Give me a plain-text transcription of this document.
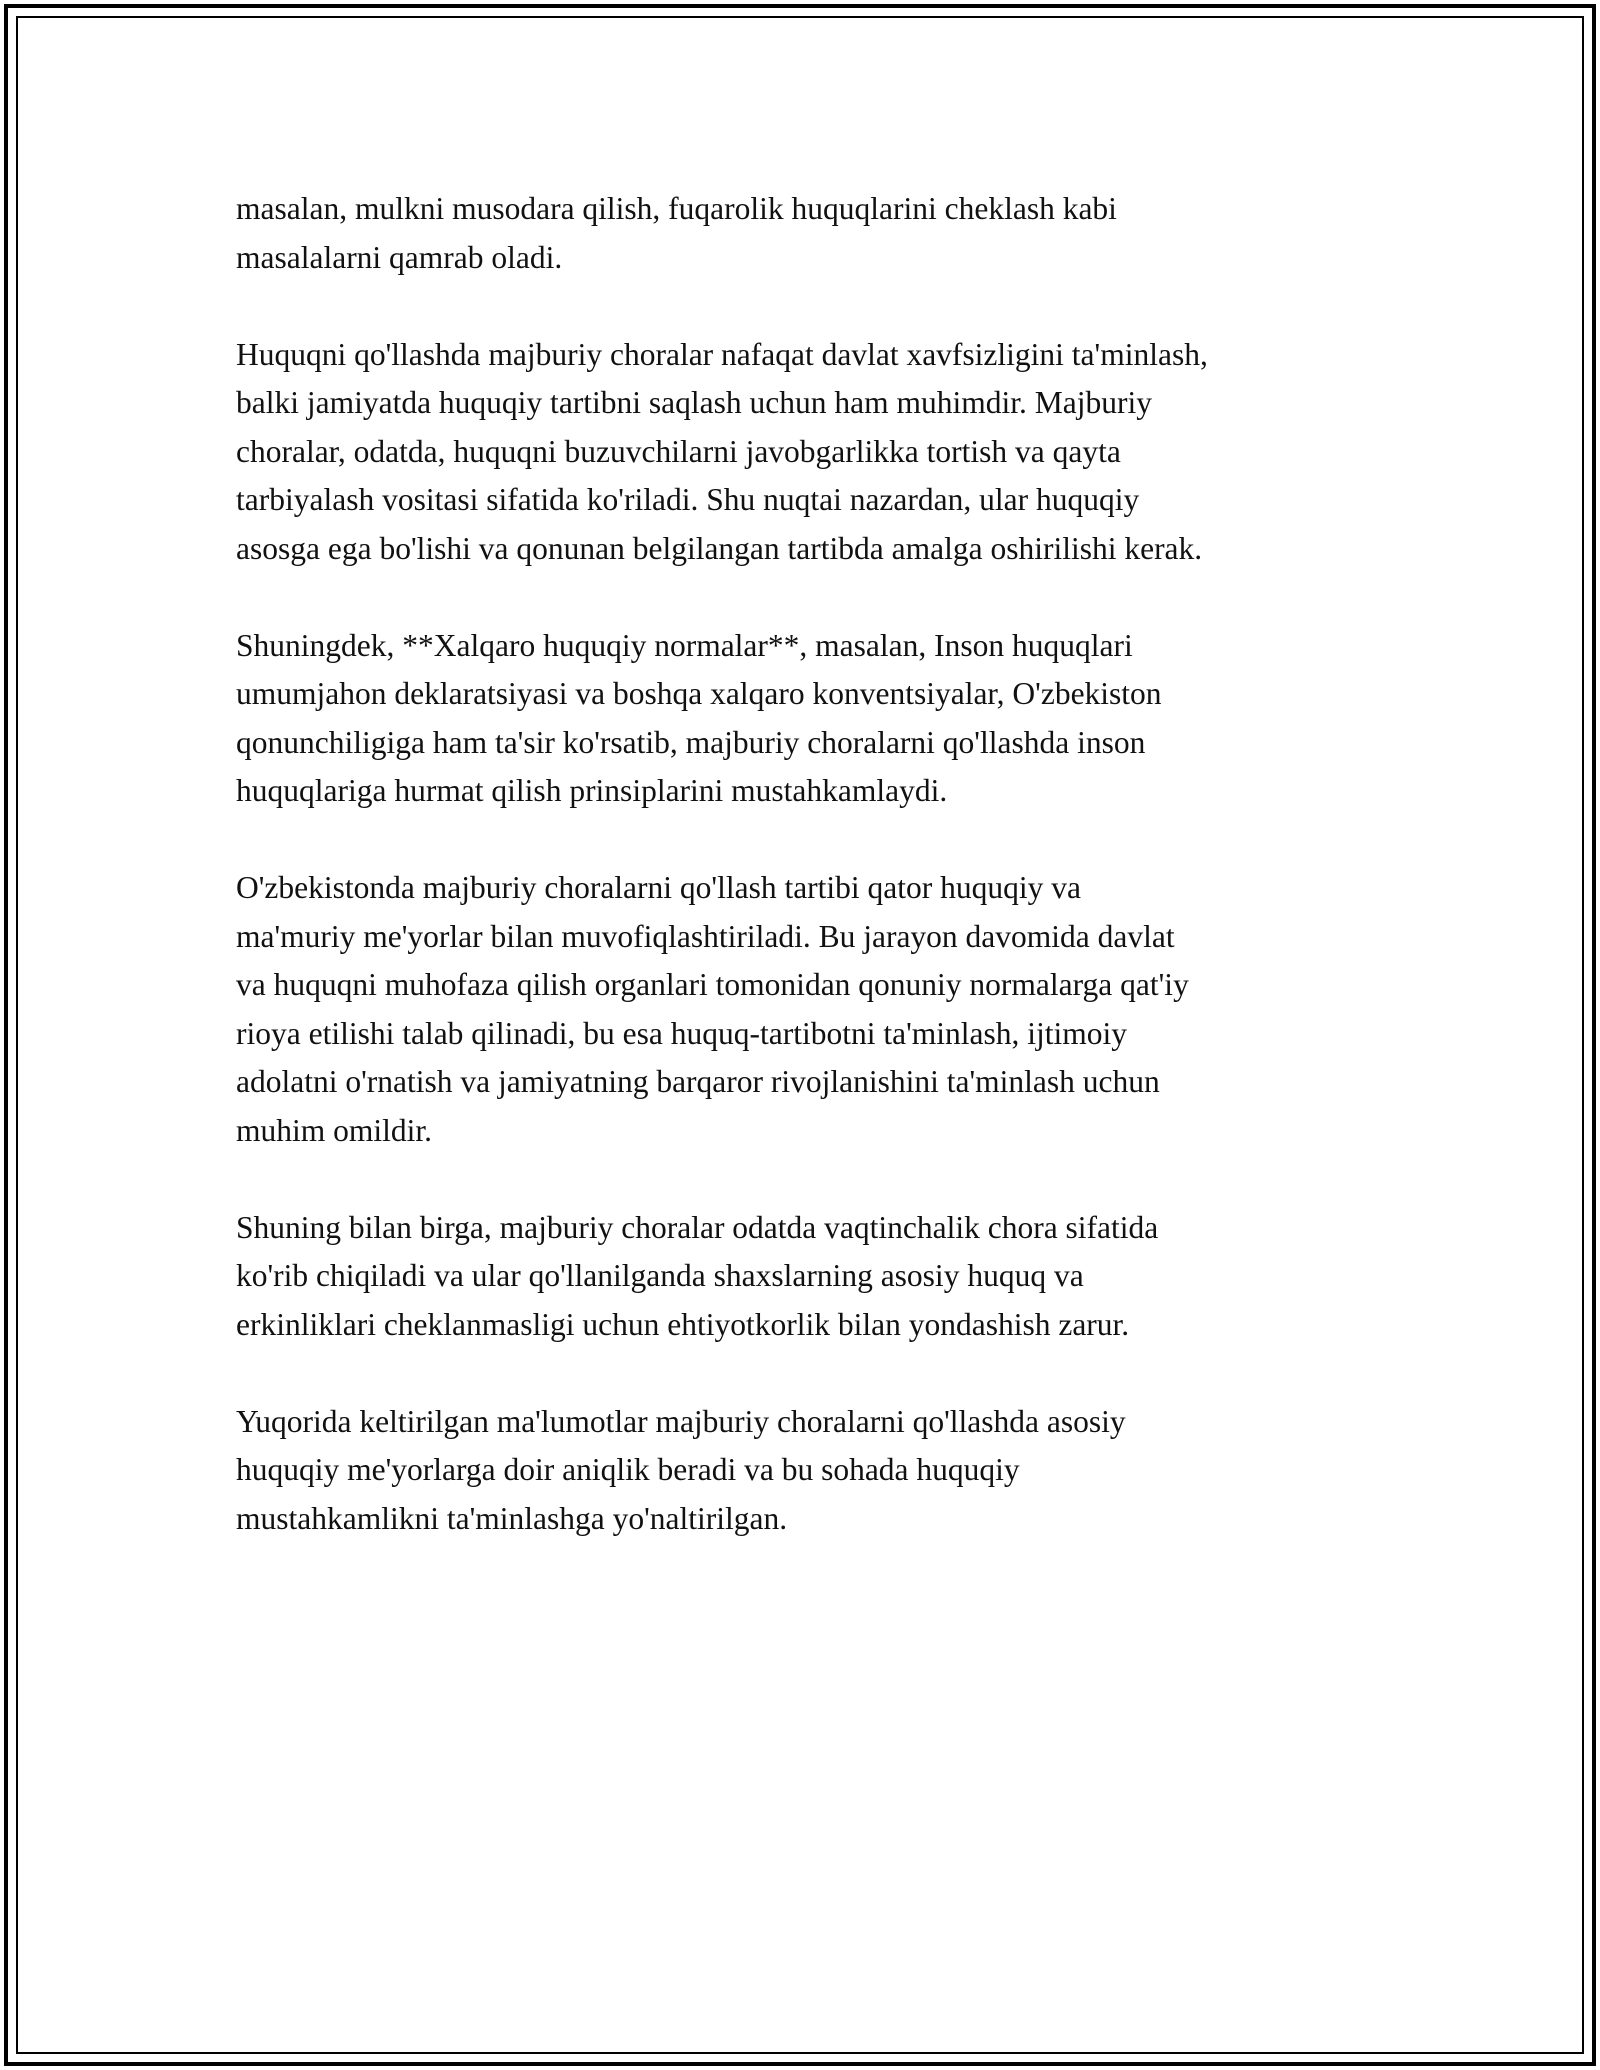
masalan, mulkni musodara qilish, fuqarolik huquqlarini cheklash kabi
masalalarni qamrab oladi.

Huquqni qo'llashda majburiy choralar nafaqat davlat xavfsizligini ta'minlash,
balki jamiyatda huquqiy tartibni saqlash uchun ham muhimdir. Majburiy
choralar, odatda, huquqni buzuvchilarni javobgarlikka tortish va qayta
tarbiyalash vositasi sifatida ko'riladi. Shu nuqtai nazardan, ular huquqiy
asosga ega bo'lishi va qonunan belgilangan tartibda amalga oshirilishi kerak.

Shuningdek, **Xalqaro huquqiy normalar**, masalan, Inson huquqlari
umumjahon deklaratsiyasi va boshqa xalqaro konventsiyalar, O'zbekiston
qonunchiligiga ham ta'sir ko'rsatib, majburiy choralarni qo'llashda inson
huquqlariga hurmat qilish prinsiplarini mustahkamlaydi.

O'zbekistonda majburiy choralarni qo'llash tartibi qator huquqiy va
ma'muriy me'yorlar bilan muvofiqlashtiriladi. Bu jarayon davomida davlat
va huquqni muhofaza qilish organlari tomonidan qonuniy normalarga qat'iy
rioya etilishi talab qilinadi, bu esa huquq-tartibotni ta'minlash, ijtimoiy
adolatni o'rnatish va jamiyatning barqaror rivojlanishini ta'minlash uchun
muhim omildir.

Shuning bilan birga, majburiy choralar odatda vaqtinchalik chora sifatida
ko'rib chiqiladi va ular qo'llanilganda shaxslarning asosiy huquq va
erkinliklari cheklanmasligi uchun ehtiyotkorlik bilan yondashish zarur.

Yuqorida keltirilgan ma'lumotlar majburiy choralarni qo'llashda asosiy
huquqiy me'yorlarga doir aniqlik beradi va bu sohada huquqiy
mustahkamlikni ta'minlashga yo'naltirilgan.
